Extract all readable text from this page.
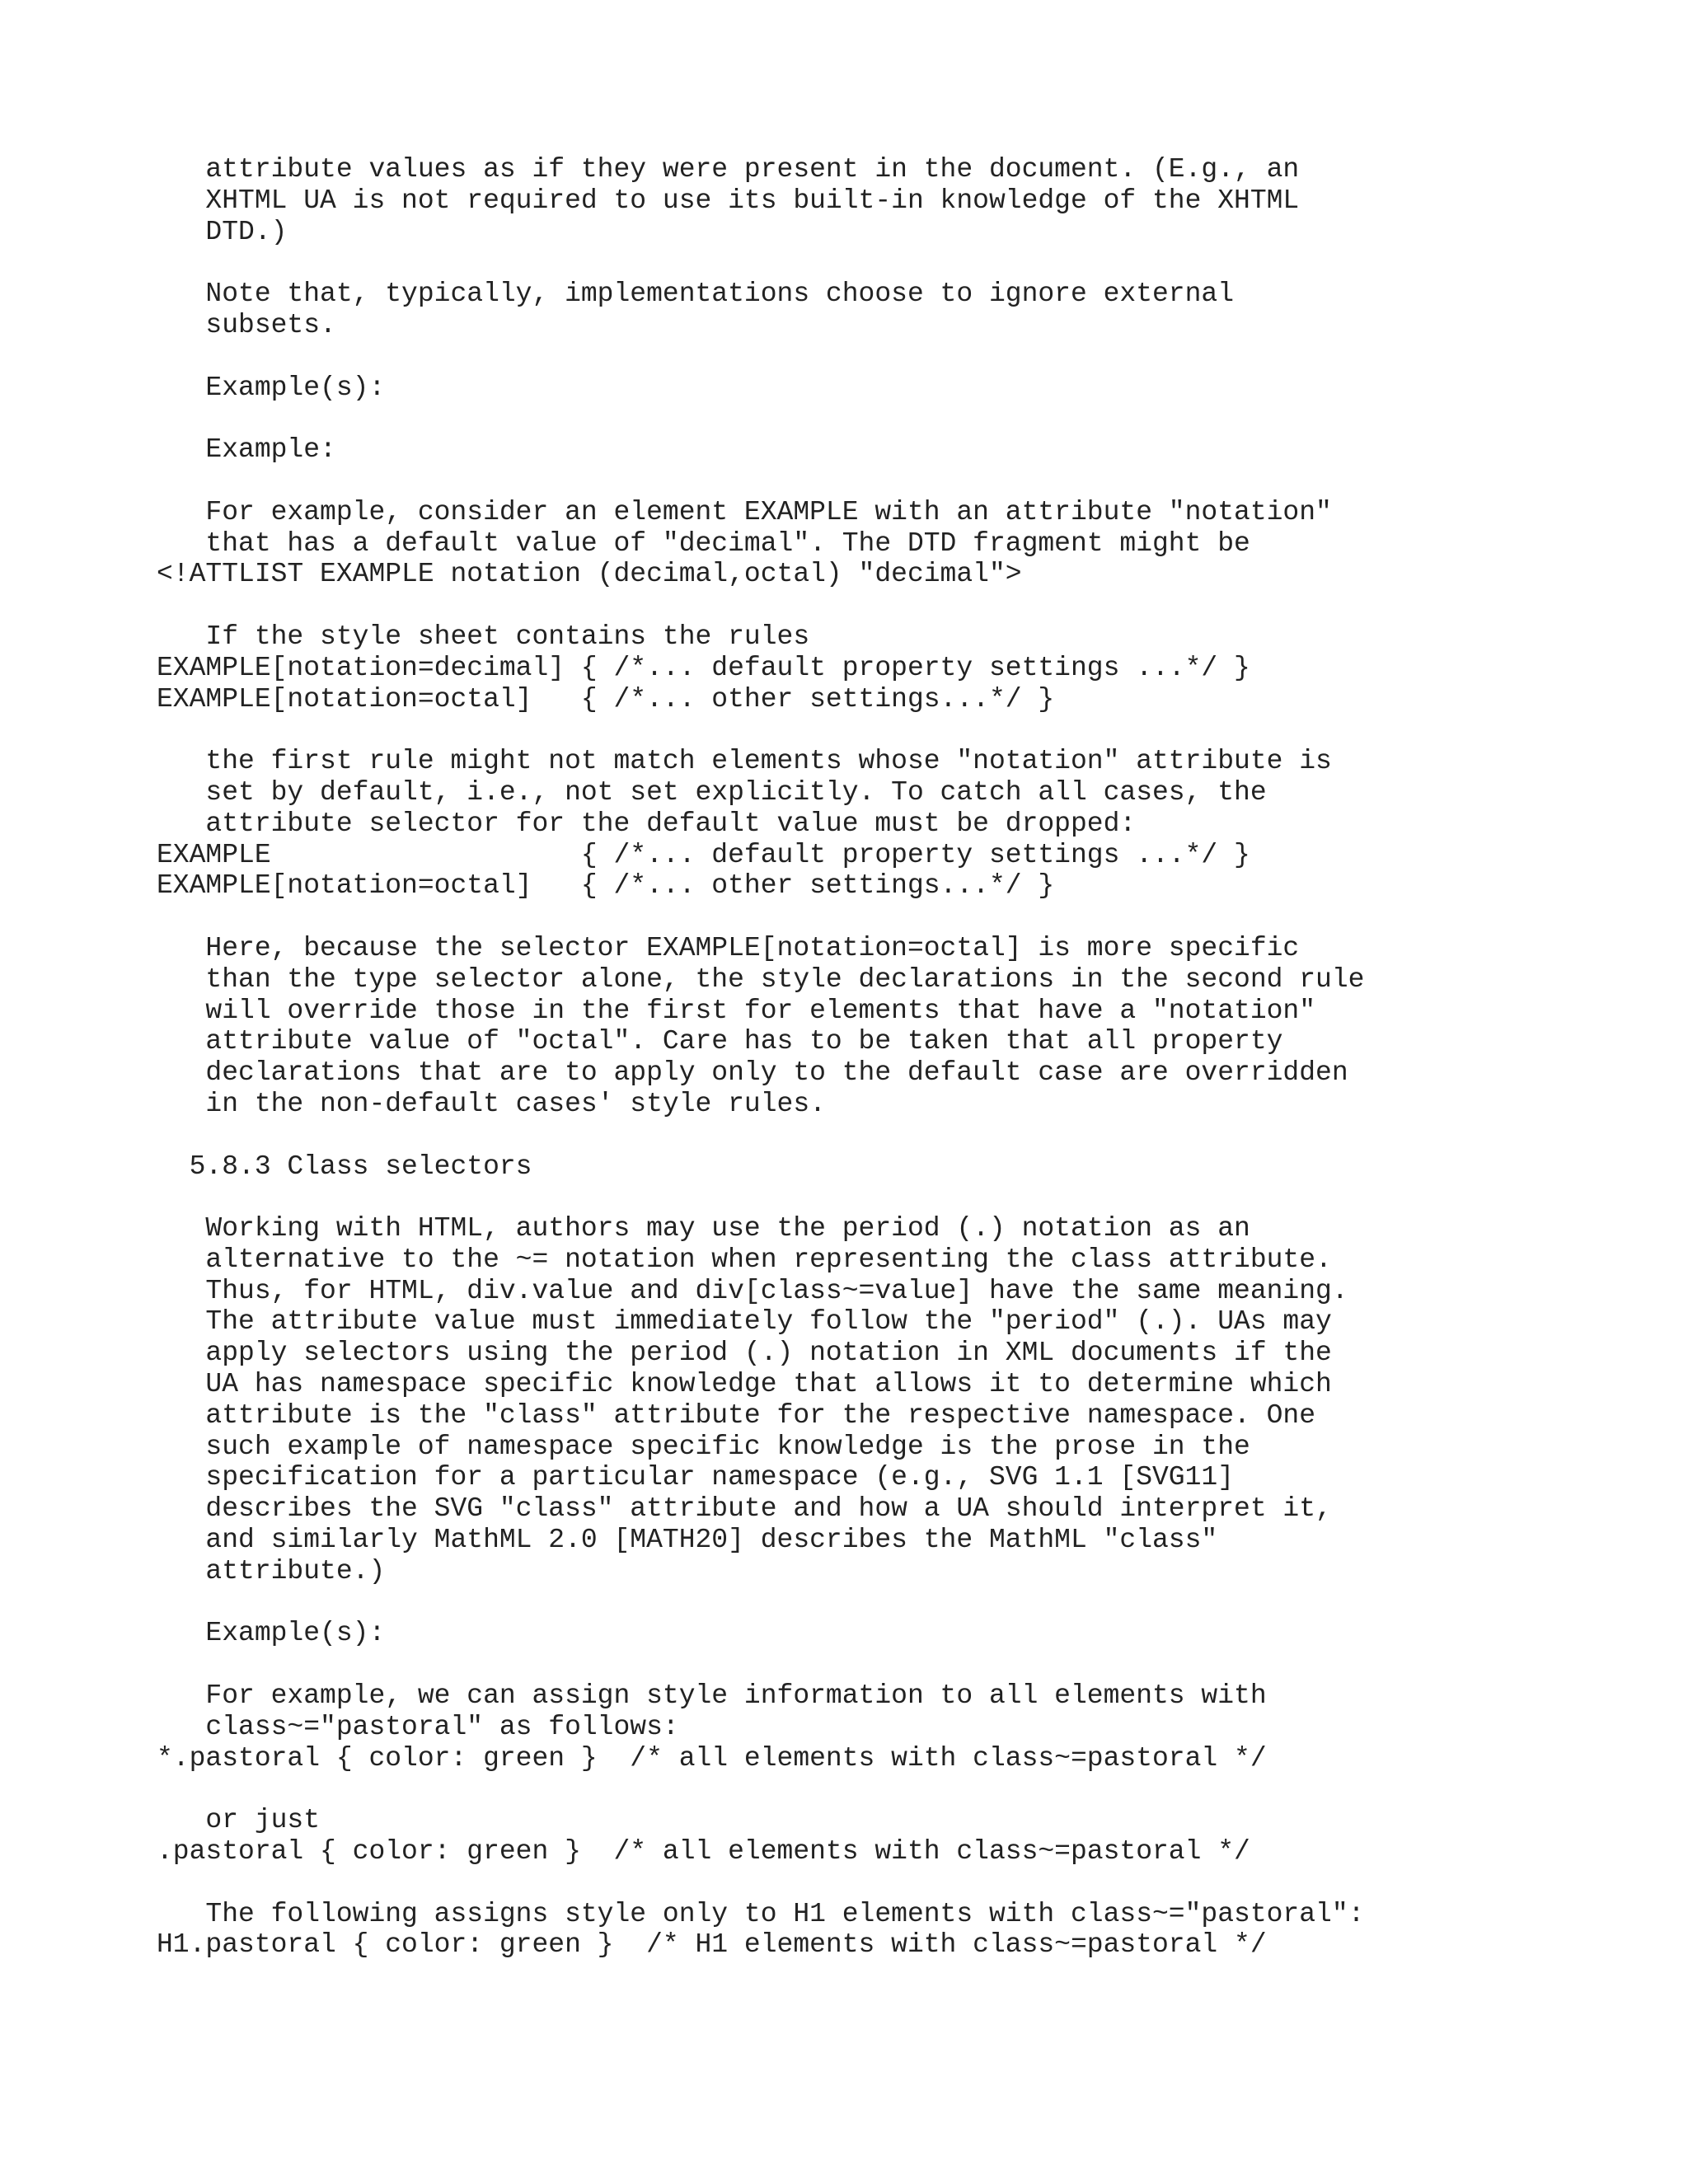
attribute values as if they were present in the document. (E.g., an
XHTML UA is not required to use its built-in knowledge of the XHTML
DTD.)
Note that, typically, implementations choose to ignore external
subsets.
Example(s):
Example:
For example, consider an element EXAMPLE with an attribute "notation"
that has a default value of "decimal". The DTD fragment might be
<!ATTLIST EXAMPLE notation (decimal,octal) "decimal">
If the style sheet contains the rules
EXAMPLE[notation=decimal] { /*... default property settings ...*/ }
EXAMPLE[notation=octal]   { /*... other settings...*/ }
the first rule might not match elements whose "notation" attribute is
set by default, i.e., not set explicitly. To catch all cases, the
attribute selector for the default value must be dropped:
EXAMPLE                   { /*... default property settings ...*/ }
EXAMPLE[notation=octal]   { /*... other settings...*/ }
Here, because the selector EXAMPLE[notation=octal] is more specific
than the type selector alone, the style declarations in the second rule
will override those in the first for elements that have a "notation"
attribute value of "octal". Care has to be taken that all property
declarations that are to apply only to the default case are overridden
in the non-default cases' style rules.
5.8.3 Class selectors
Working with HTML, authors may use the period (.) notation as an
alternative to the ~= notation when representing the class attribute.
Thus, for HTML, div.value and div[class~=value] have the same meaning.
The attribute value must immediately follow the "period" (.). UAs may
apply selectors using the period (.) notation in XML documents if the
UA has namespace specific knowledge that allows it to determine which
attribute is the "class" attribute for the respective namespace. One
such example of namespace specific knowledge is the prose in the
specification for a particular namespace (e.g., SVG 1.1 [SVG11]
describes the SVG "class" attribute and how a UA should interpret it,
and similarly MathML 2.0 [MATH20] describes the MathML "class"
attribute.)
Example(s):
For example, we can assign style information to all elements with
class~="pastoral" as follows:
*.pastoral { color: green }  /* all elements with class~=pastoral */
or just
.pastoral { color: green }  /* all elements with class~=pastoral */
The following assigns style only to H1 elements with class~="pastoral":
H1.pastoral { color: green }  /* H1 elements with class~=pastoral */
